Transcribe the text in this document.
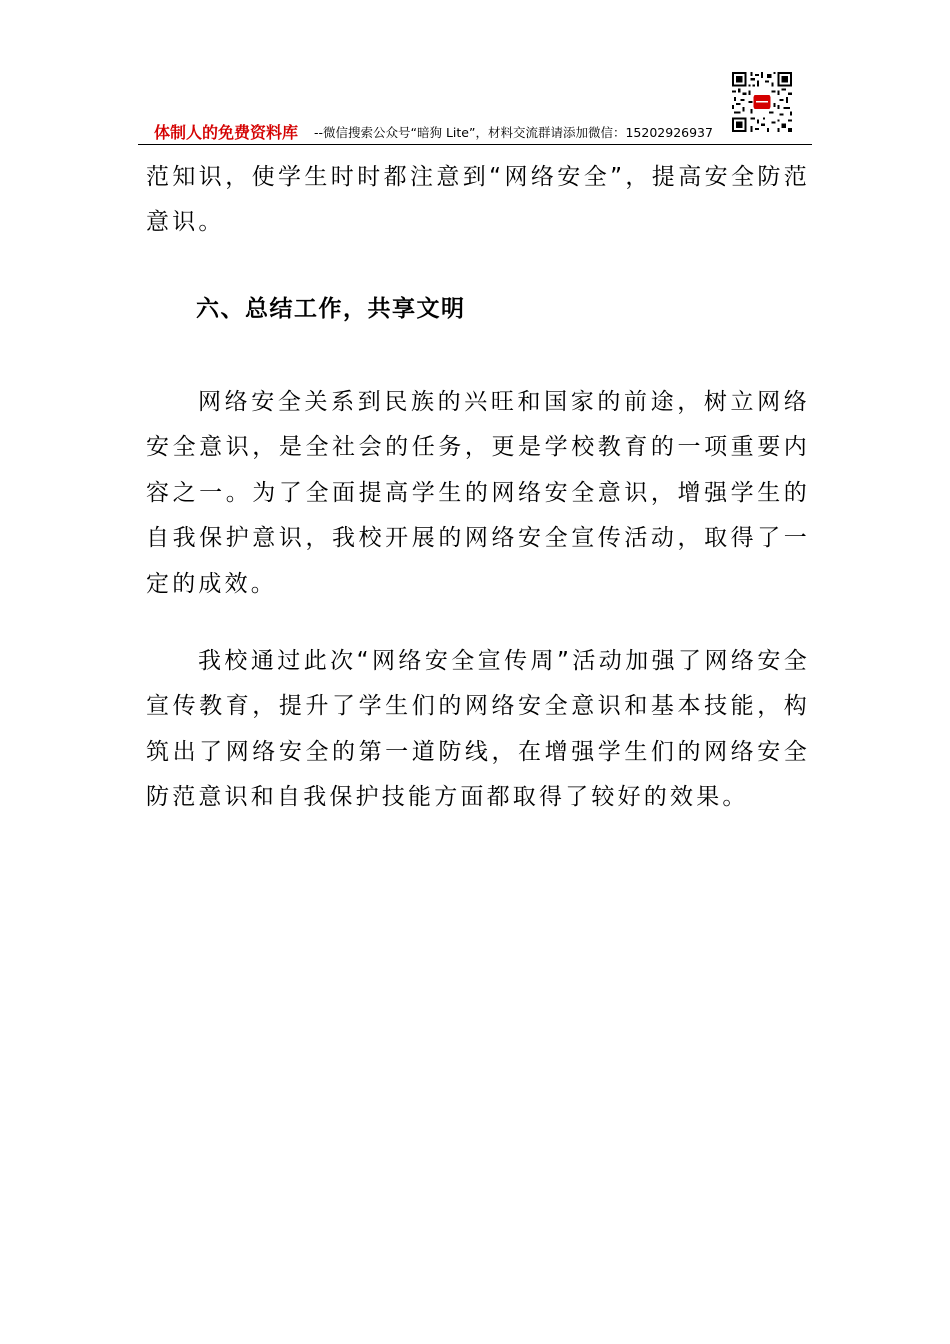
体制人的免费资料库 --微信搜索公众号“暗狗 Lite”，材料交流群请添加微信：15202926937

范知识，使学生时时都注意到“网络安全”，提高安全防范意识。

六、总结工作，共享文明

网络安全关系到民族的兴旺和国家的前途，树立网络安全意识，是全社会的任务，更是学校教育的一项重要内容之一。为了全面提高学生的网络安全意识，增强学生的自我保护意识，我校开展的网络安全宣传活动，取得了一定的成效。

我校通过此次“网络安全宣传周”活动加强了网络安全宣传教育，提升了学生们的网络安全意识和基本技能，构筑出了网络安全的第一道防线，在增强学生们的网络安全防范意识和自我保护技能方面都取得了较好的效果。
